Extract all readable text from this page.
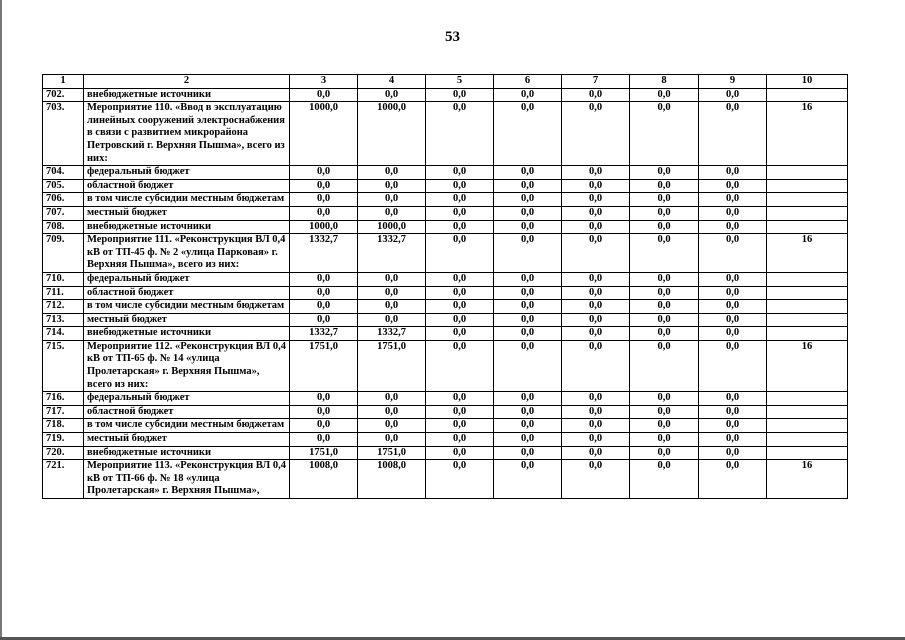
53
1	2	3	4	5	6	7	8	9	10
702.	внебюджетные источники	0,0	0,0	0,0	0,0	0,0	0,0	0,0	
703.	Мероприятие 110. «Ввод в эксплуатацию линейных сооружений электроснабжения в связи с развитием микрорайона Петровский г. Верхняя Пышма», всего из них:	1000,0	1000,0	0,0	0,0	0,0	0,0	0,0	16
704.	федеральный бюджет	0,0	0,0	0,0	0,0	0,0	0,0	0,0	
705.	областной бюджет	0,0	0,0	0,0	0,0	0,0	0,0	0,0	
706.	в том числе субсидии местным бюджетам	0,0	0,0	0,0	0,0	0,0	0,0	0,0	
707.	местный бюджет	0,0	0,0	0,0	0,0	0,0	0,0	0,0	
708.	внебюджетные источники	1000,0	1000,0	0,0	0,0	0,0	0,0	0,0	
709.	Мероприятие 111. «Реконструкция ВЛ 0,4 кВ от ТП-45 ф. № 2 «улица Парковая» г. Верхняя Пышма», всего из них:	1332,7	1332,7	0,0	0,0	0,0	0,0	0,0	16
710.	федеральный бюджет	0,0	0,0	0,0	0,0	0,0	0,0	0,0	
711.	областной бюджет	0,0	0,0	0,0	0,0	0,0	0,0	0,0	
712.	в том числе субсидии местным бюджетам	0,0	0,0	0,0	0,0	0,0	0,0	0,0	
713.	местный бюджет	0,0	0,0	0,0	0,0	0,0	0,0	0,0	
714.	внебюджетные источники	1332,7	1332,7	0,0	0,0	0,0	0,0	0,0	
715.	Мероприятие 112. «Реконструкция ВЛ 0,4 кВ от ТП-65 ф. № 14 «улица Пролетарская» г. Верхняя Пышма», всего из них:	1751,0	1751,0	0,0	0,0	0,0	0,0	0,0	16
716.	федеральный бюджет	0,0	0,0	0,0	0,0	0,0	0,0	0,0	
717.	областной бюджет	0,0	0,0	0,0	0,0	0,0	0,0	0,0	
718.	в том числе субсидии местным бюджетам	0,0	0,0	0,0	0,0	0,0	0,0	0,0	
719.	местный бюджет	0,0	0,0	0,0	0,0	0,0	0,0	0,0	
720.	внебюджетные источники	1751,0	1751,0	0,0	0,0	0,0	0,0	0,0	
721.	Мероприятие 113. «Реконструкция ВЛ 0,4 кВ от ТП-66 ф. № 18 «улица Пролетарская» г. Верхняя Пышма»,	1008,0	1008,0	0,0	0,0	0,0	0,0	0,0	16
